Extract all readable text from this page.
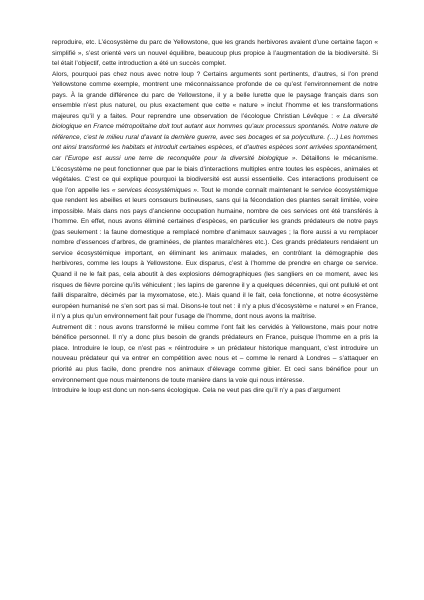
reproduire, etc. L’écosystème du parc de Yellowstone, que les grands herbivores avaient d’une certaine façon « simplifié », s’est orienté vers un nouvel équilibre, beaucoup plus propice à l’augmentation de la biodiversité. Si tel était l’objectif, cette introduction a été un succès complet.

Alors, pourquoi pas chez nous avec notre loup ? Certains arguments sont pertinents, d’autres, si l’on prend Yellowstone comme exemple, montrent une méconnaissance profonde de ce qu’est l’environnement de notre pays. À la grande différence du parc de Yellowstone, il y a belle lurette que le paysage français dans son ensemble n’est plus naturel, ou plus exactement que cette « nature » inclut l’homme et les transformations majeures qu’il y a faites. Pour reprendre une observation de l’écologue Christian Lévêque : « La diversité biologique en France métropolitaine doit tout autant aux hommes qu’aux processus spontanés. Notre nature de référence, c’est le milieu rural d’avant la dernière guerre, avec ses bocages et sa polyculture. (…) Les hommes ont ainsi transformé les habitats et introduit certaines espèces, et d’autres espèces sont arrivées spontanément, car l’Europe est aussi une terre de reconquête pour la diversité biologique ». Détaillons le mécanisme. L’écosystème ne peut fonctionner que par le biais d’interactions multiples entre toutes les espèces, animales et végétales. C’est ce qui explique pourquoi la biodiversité est aussi essentielle. Ces interactions produisent ce que l’on appelle les « services écosystémiques ». Tout le monde connaît maintenant le service écosystémique que rendent les abeilles et leurs consœurs butineuses, sans qui la fécondation des plantes serait limitée, voire impossible. Mais dans nos pays d’ancienne occupation humaine, nombre de ces services ont été transférés à l’homme. En effet, nous avons éliminé certaines d’espèces, en particulier les grands prédateurs de notre pays (pas seulement : la faune domestique a remplacé nombre d’animaux sauvages ; la flore aussi a vu remplacer nombre d’essences d’arbres, de graminées, de plantes maraîchères etc.). Ces grands prédateurs rendaient un service écosystémique important, en éliminant les animaux malades, en contrôlant la démographie des herbivores, comme les loups à Yellowstone. Eux disparus, c’est à l’homme de prendre en charge ce service. Quand il ne le fait pas, cela aboutit à des explosions démographiques (les sangliers en ce moment, avec les risques de fièvre porcine qu’ils véhiculent ; les lapins de garenne il y a quelques décennies, qui ont pullulé et ont failli disparaître, décimés par la myxomatose, etc.). Mais quand il le fait, cela fonctionne, et notre écosystème européen humanisé ne s’en sort pas si mal. Disons-le tout net : il n’y a plus d’écosystème « naturel » en France, il n’y a plus qu’un environnement fait pour l’usage de l’homme, dont nous avons la maîtrise.

Autrement dit : nous avons transformé le milieu comme l’ont fait les cervidés à Yellowstone, mais pour notre bénéfice personnel. Il n’y a donc plus besoin de grands prédateurs en France, puisque l’homme en a pris la place. Introduire le loup, ce n’est pas « réintroduire » un prédateur historique manquant, c’est introduire un nouveau prédateur qui va entrer en compétition avec nous et – comme le renard à Londres – s’attaquer en priorité au plus facile, donc prendre nos animaux d’élevage comme gibier. Et ceci sans bénéfice pour un environnement que nous maintenons de toute manière dans la voie qui nous intéresse.

Introduire le loup est donc un non-sens écologique. Cela ne veut pas dire qu’il n’y a pas d’argument
